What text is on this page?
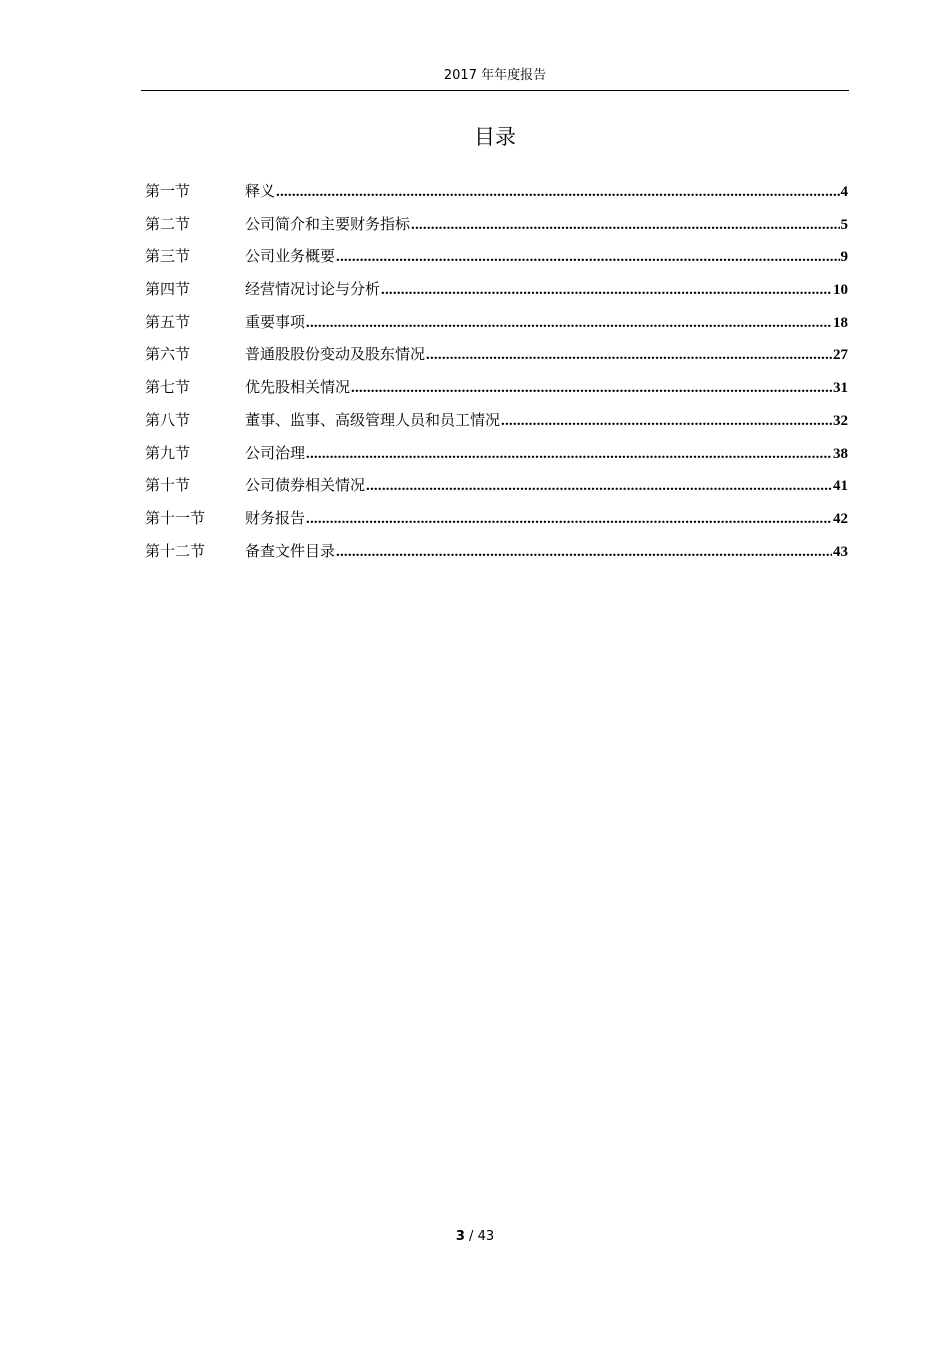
2017 年年度报告
目录
第一节	释义 .....	4
第二节	公司简介和主要财务指标 .....	5
第三节	公司业务概要 .....	9
第四节	经营情况讨论与分析 .....	10
第五节	重要事项 .....	18
第六节	普通股股份变动及股东情况 .....	27
第七节	优先股相关情况 .....	31
第八节	董事、监事、高级管理人员和员工情况 .....	32
第九节	公司治理 .....	38
第十节	公司债券相关情况 .....	41
第十一节	财务报告 .....	42
第十二节	备查文件目录 .....	43
3 / 43
